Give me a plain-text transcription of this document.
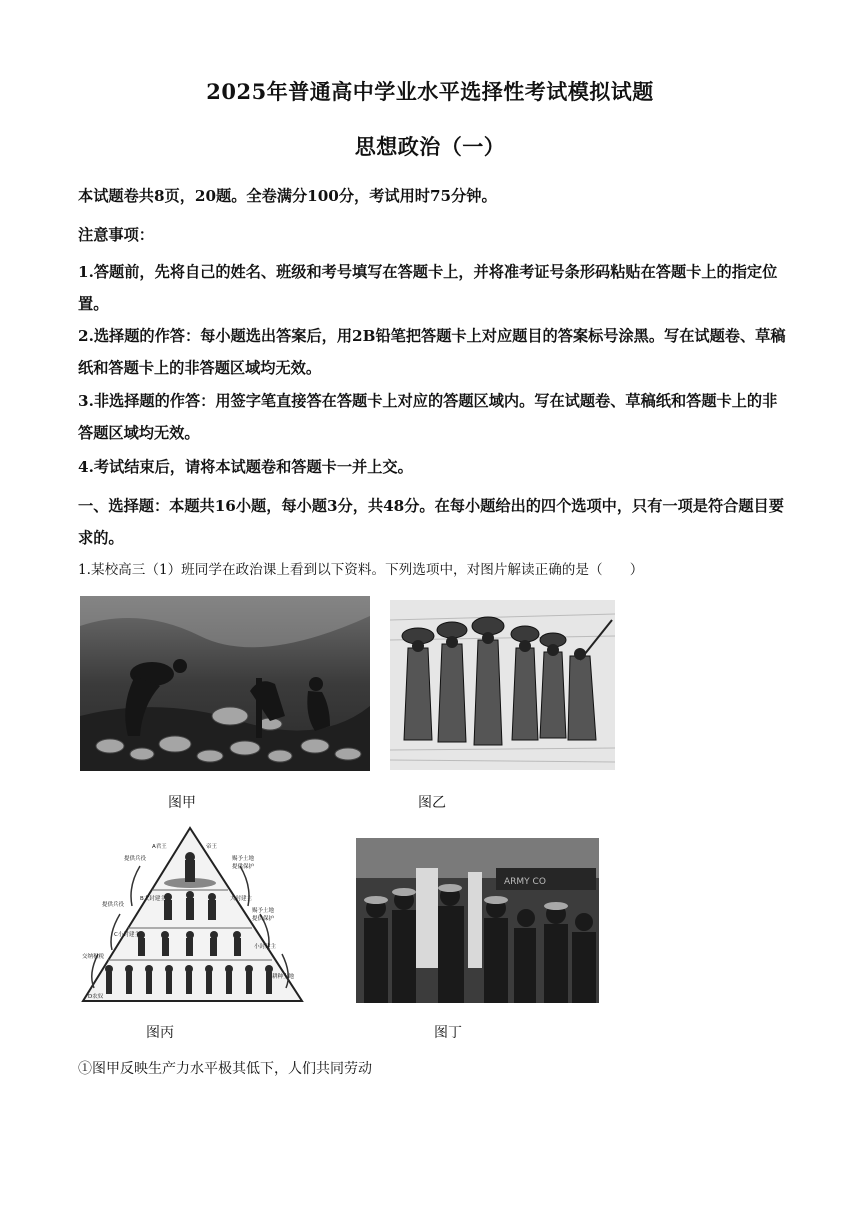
2025年普通高中学业水平选择性考试模拟试题
思想政治（一）
本试题卷共8页，20题。全卷满分100分，考试用时75分钟。
注意事项：
1.答题前，先将自己的姓名、班级和考号填写在答题卡上，并将准考证号条形码粘贴在答题卡上的指定位置。
2.选择题的作答：每小题选出答案后，用2B铅笔把答题卡上对应题目的答案标号涂黑。写在试题卷、草稿纸和答题卡上的非答题区域均无效。
3.非选择题的作答：用签字笔直接答在答题卡上对应的答题区域内。写在试题卷、草稿纸和答题卡上的非答题区域均无效。
4.考试结束后，请将本试题卷和答题卡一并上交。
一、选择题：本题共16小题，每小题3分，共48分。在每小题给出的四个选项中，只有一项是符合题目要求的。
1.某校高三（1）班同学在政治课上看到以下资料。下列选项中，对图片解读正确的是（　　）
图甲	图乙
A君王
B大封建主
C小封建主
D农奴
帝王
赐予土地
提供保护
大封建主
赐予土地
提供保护
小封建主
耕种土地
提供兵役
提供兵役
交纳租税
图丙
ARMY CO
图丁
①图甲反映生产力水平极其低下，人们共同劳动
